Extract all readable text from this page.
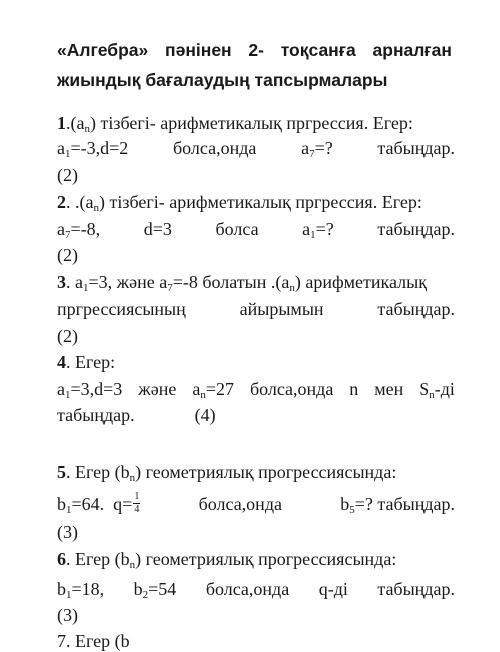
«Алгебра» пәнінен 2- тоқсанға арналған
жиындық бағалаудың тапсырмалары
$1.(a_n)$ тізбегі- арифметикалық пргрессия. Егер:
$a_1=-3,d=2$ болса,онда $a_7=$? табыңдар.
(2)
2. $.(a_n)$ тізбегі- арифметикалық пргрессия. Егер:
$a_7=-8$, d=3 болса $a_1=$? табыңдар.
(2)
3. $a_1=3$, және $a_7=-8$ болатын $.(a_n)$ арифметикалық
пргрессиясының	айырымын	табыңдар.
(2)
4. Егер:
$a_1=3,d=3$ жәнe $a_n=27$ болса,онда n мен $S_n-ді$
табыңдар.	(4)
5. Егер $(b_n)$ геометриялық прогрессиясында:
$b_1=64$. $q= \frac{1}{4}$	болса,онда	$b_5=$? табыңдар.
(3)
6. Егер $(b_n)$ геометриялық прогрессиясында:
$b_1=18$, $b_2=54$ болса,онда q-ді табыңдар.
(3)
7. Егер (b
